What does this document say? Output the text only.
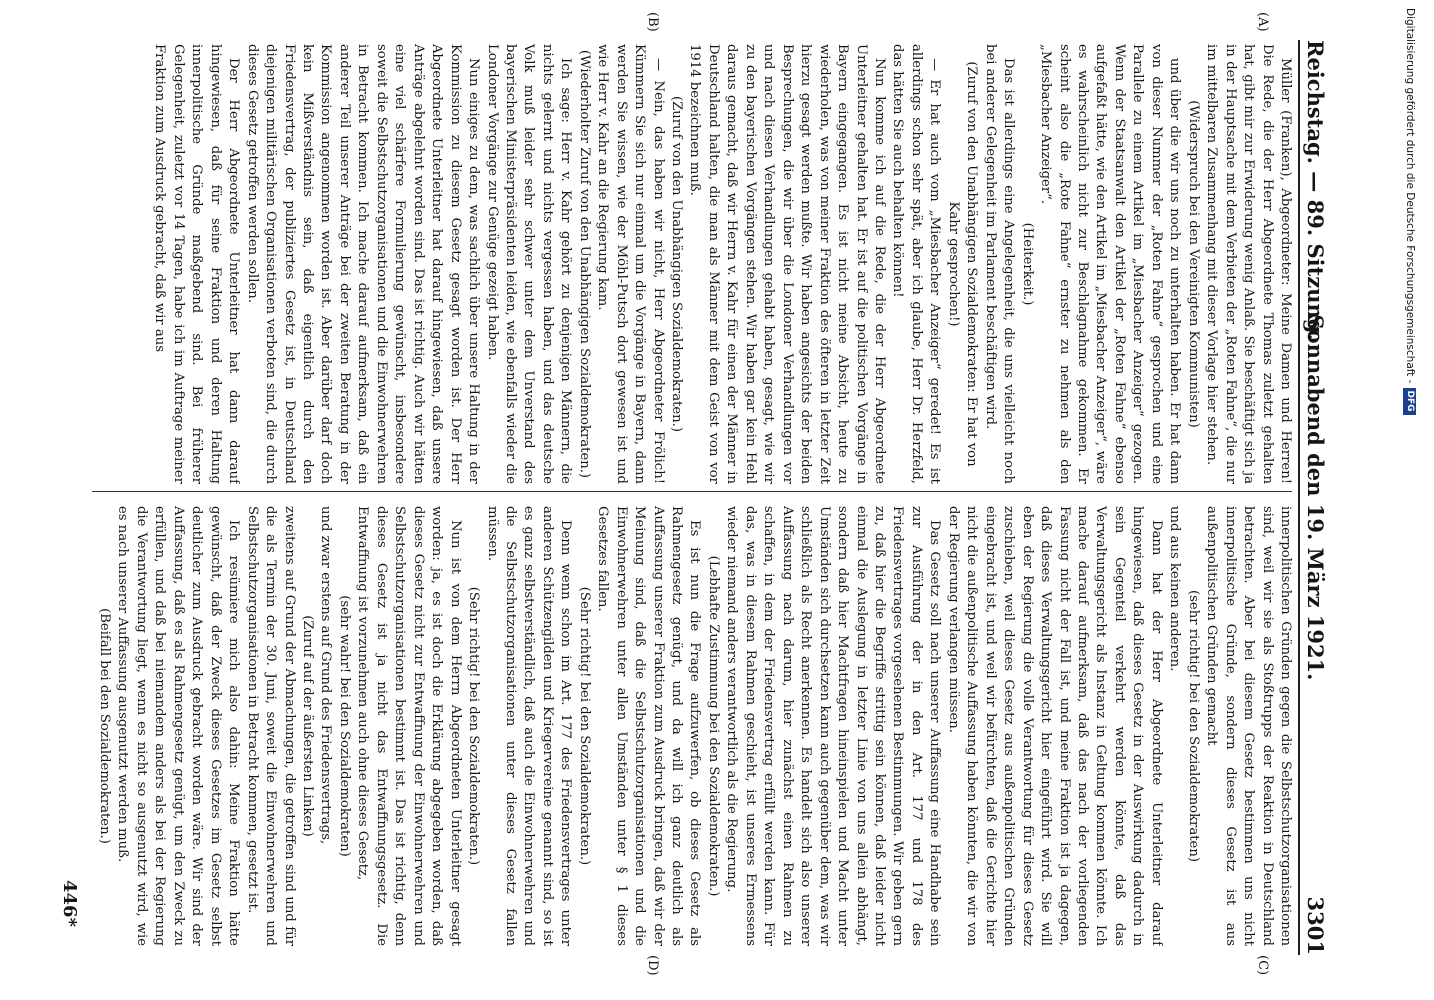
Reichstag. — 89. Sitzung.
Sonnabend den 19. März 1921.
3301
(A)
(B)
(C)
(D)

Müller (Franken), Abgeordneter: Meine Damen und Herren! Die Rede, die der Herr Abgeordnete Thomas zuletzt gehalten hat, gibt mir zur Erwiderung wenig Anlaß. Sie beschäftigt sich ja in der Hauptsache mit dem Verbieten der „Roten Fahne“, die nur im mittelbaren Zusammenhang mit dieser Vorlage hier stehen.

(Widerspruch bei den Vereinigten Kommunisten)

und über die wir uns noch zu unterhalten haben. Er hat dann von dieser Nummer der „Roten Fahne“ gesprochen und eine Parallele zu einem Artikel im „Miesbacher Anzeiger“ gezogen. Wenn der Staatsanwalt den Artikel der „Roten Fahne“ ebenso aufgefaßt hätte, wie den Artikel im „Miesbacher Anzeiger“, wäre es wahrscheinlich nicht zur Beschlagnahme gekommen. Er scheint also die „Rote Fahne“ ernster zu nehmen als den „Miesbacher Anzeiger“.

(Heiterkeit.)

Das ist allerdings eine Angelegenheit, die uns vielleicht noch bei anderer Gelegenheit im Parlament beschäftigen wird.

(Zuruf von den Unabhängigen Sozialdemokraten: Er hat von Kahr gesprochen!)

— Er hat auch vom „Miesbacher Anzeiger“ geredet! Es ist allerdings schon sehr spät, aber ich glaube, Herr Dr. Herzfeld, das hätten Sie auch behalten können!

Nun komme ich auf die Rede, die der Herr Abgeordnete Unterleitner gehalten hat. Er ist auf die politischen Vorgänge in Bayern eingegangen. Es ist nicht meine Absicht, heute zu wiederholen, was von meiner Fraktion des öfteren in letzter Zeit hierzu gesagt werden mußte. Wir haben angesichts der beiden Besprechungen, die wir über die Londoner Verhandlungen vor und nach diesen Verhandlungen gehabt haben, gesagt, wie wir zu den bayerischen Vorgängen stehen. Wir haben gar kein Hehl daraus gemacht, daß wir Herrn v. Kahr für einen der Männer in Deutschland halten, die man als Männer mit dem Geist von vor 1914 bezeichnen muß.

(Zuruf von den Unabhängigen Sozialdemokraten.)

— Nein, das haben wir nicht, Herr Abgeordneter Frölich! Kümmern Sie sich nur einmal um die Vorgänge in Bayern, dann werden Sie wissen, wie der Möhl-Putsch dort gewesen ist und wie Herr v. Kahr an die Regierung kam.

(Wiederholter Zuruf von den Unabhängigen Sozialdemokraten.)

Ich sage: Herr v. Kahr gehört zu denjenigen Männern, die nichts gelernt und nichts vergessen haben, und das deutsche Volk muß leider sehr schwer unter dem Unverstand des bayerischen Ministerpräsidenten leiden, wie ebenfalls wieder die Londoner Vorgänge zur Genüge gezeigt haben.

Nun einiges zu dem, was sachlich über unsere Haltung in der Kommission zu diesem Gesetz gesagt worden ist. Der Herr Abgeordnete Unterleitner hat darauf hingewiesen, daß unsere Anträge abgelehnt worden sind. Das ist richtig. Auch wir hätten eine viel schärfere Formulierung gewünscht, insbesondere soweit die Selbstschutzorganisationen und die Einwohnerwehren in Betracht kommen. Ich mache darauf aufmerksam, daß ein anderer Teil unserer Anträge bei der zweiten Beratung in der Kommission angenommen worden ist. Aber darüber darf doch kein Mißverständnis sein, daß eigentlich durch den Friedensvertrag, der publiziertes Gesetz ist, in Deutschland diejenigen militärischen Organisationen verboten sind, die durch dieses Gesetz getroffen werden sollen.

Der Herr Abgeordnete Unterleitner hat dann darauf hingewiesen, daß für seine Fraktion und deren Haltung innerpolitische Gründe maßgebend sind. Bei früherer Gelegenheit, zuletzt vor 14 Tagen, habe ich im Auftrage meiner Fraktion zum Ausdruck gebracht, daß wir aus

innerpolitischen Gründen gegen die Selbstschutzorganisationen sind, weil wir sie als Stoßtrupps der Reaktion in Deutschland betrachten. Aber bei diesem Gesetz bestimmen uns nicht innerpolitische Gründe, sondern dieses Gesetz ist aus außenpolitischen Gründen gemacht

(sehr richtig! bei den Sozialdemokraten)

und aus keinen anderen.

Dann hat der Herr Abgeordnete Unterleitner darauf hingewiesen, daß dieses Gesetz in der Auswirkung dadurch in sein Gegenteil verkehrt werden könnte, daß das Verwaltungsgericht als Instanz in Geltung kommen könnte. Ich mache darauf aufmerksam, daß das nach der vorliegenden Fassung nicht der Fall ist, und meine Fraktion ist ja dagegen, daß dieses Verwaltungsgericht hier eingeführt wird. Sie will eben der Regierung die volle Verantwortung für dieses Gesetz zuschieben, weil dieses Gesetz aus außenpolitischen Gründen eingebracht ist, und weil wir befürchten, daß die Gerichte hier nicht die außenpolitische Auffassung haben könnten, die wir von der Regierung verlangen müssen.

Das Gesetz soll nach unserer Auffassung eine Handhabe sein zur Ausführung der in den Art. 177 und 178 des Friedensvertrages vorgesehenen Bestimmungen. Wir geben gern zu, daß hier die Begriffe strittig sein können, daß leider nicht einmal die Auslegung in letzter Linie von uns allein abhängt, sondern daß hier Machtfragen hineinspielen und Macht unter Umständen sich durchsetzen kann auch gegenüber dem, was wir schließlich als Recht anerkennen. Es handelt sich also unserer Auffassung nach darum, hier zunächst einen Rahmen zu schaffen, in dem der Friedensvertrag erfüllt werden kann. Für das, was in diesem Rahmen geschieht, ist unseres Ermessens wieder niemand anders verantwortlich als die Regierung.

(Lebhafte Zustimmung bei den Sozialdemokraten.)

Es ist nun die Frage aufzuwerfen, ob dieses Gesetz als Rahmengesetz genügt, und da will ich ganz deutlich als Auffassung unserer Fraktion zum Ausdruck bringen, daß wir der Meinung sind, daß die Selbstschutzorganisationen und die Einwohnerwehren unter allen Umständen unter § 1 dieses Gesetzes fallen.

(Sehr richtig! bei den Sozialdemokraten.)

Denn wenn schon im Art. 177 des Friedensvertrages unter anderen Schützengilden und Kriegervereine genannt sind, so ist es ganz selbstverständlich, daß auch die Einwohnerwehren und die Selbstschutzorganisationen unter dieses Gesetz fallen müssen.

(Sehr richtig! bei den Sozialdemokraten.)

Nun ist von dem Herrn Abgeordneten Unterleitner gesagt worden: ja, es ist doch die Erklärung abgegeben worden, daß dieses Gesetz nicht zur Entwaffnung der Einwohnerwehren und Selbstschutzorganisationen bestimmt ist. Das ist richtig, denn dieses Gesetz ist ja nicht das Entwaffnungsgesetz. Die Entwaffnung ist vorzunehmen auch ohne dieses Gesetz,

(sehr wahr! bei den Sozialdemokraten)

und zwar erstens auf Grund des Friedensvertrags,

(Zuruf auf der äußersten Linken)

zweitens auf Grund der Abmachungen, die getroffen sind und für die als Termin der 30. Juni, soweit die Einwohnerwehren und Selbstschutzorganisationen in Betracht kommen, gesetzt ist.

Ich resümiere mich also dahin: Meine Fraktion hätte gewünscht, daß der Zweck dieses Gesetzes im Gesetz selbst deutlicher zum Ausdruck gebracht worden wäre. Wir sind der Auffassung, daß es als Rahmengesetz genügt, um den Zweck zu erfüllen, und daß bei niemandem anders als bei der Regierung die Verantwortung liegt, wenn es nicht so ausgenutzt wird, wie es nach unserer Auffassung ausgenutzt werden muß.

(Beifall bei den Sozialdemokraten.)

446*
Digitalisierung gefördert durch die Deutsche Forschungsgemeinschaft -DFG
